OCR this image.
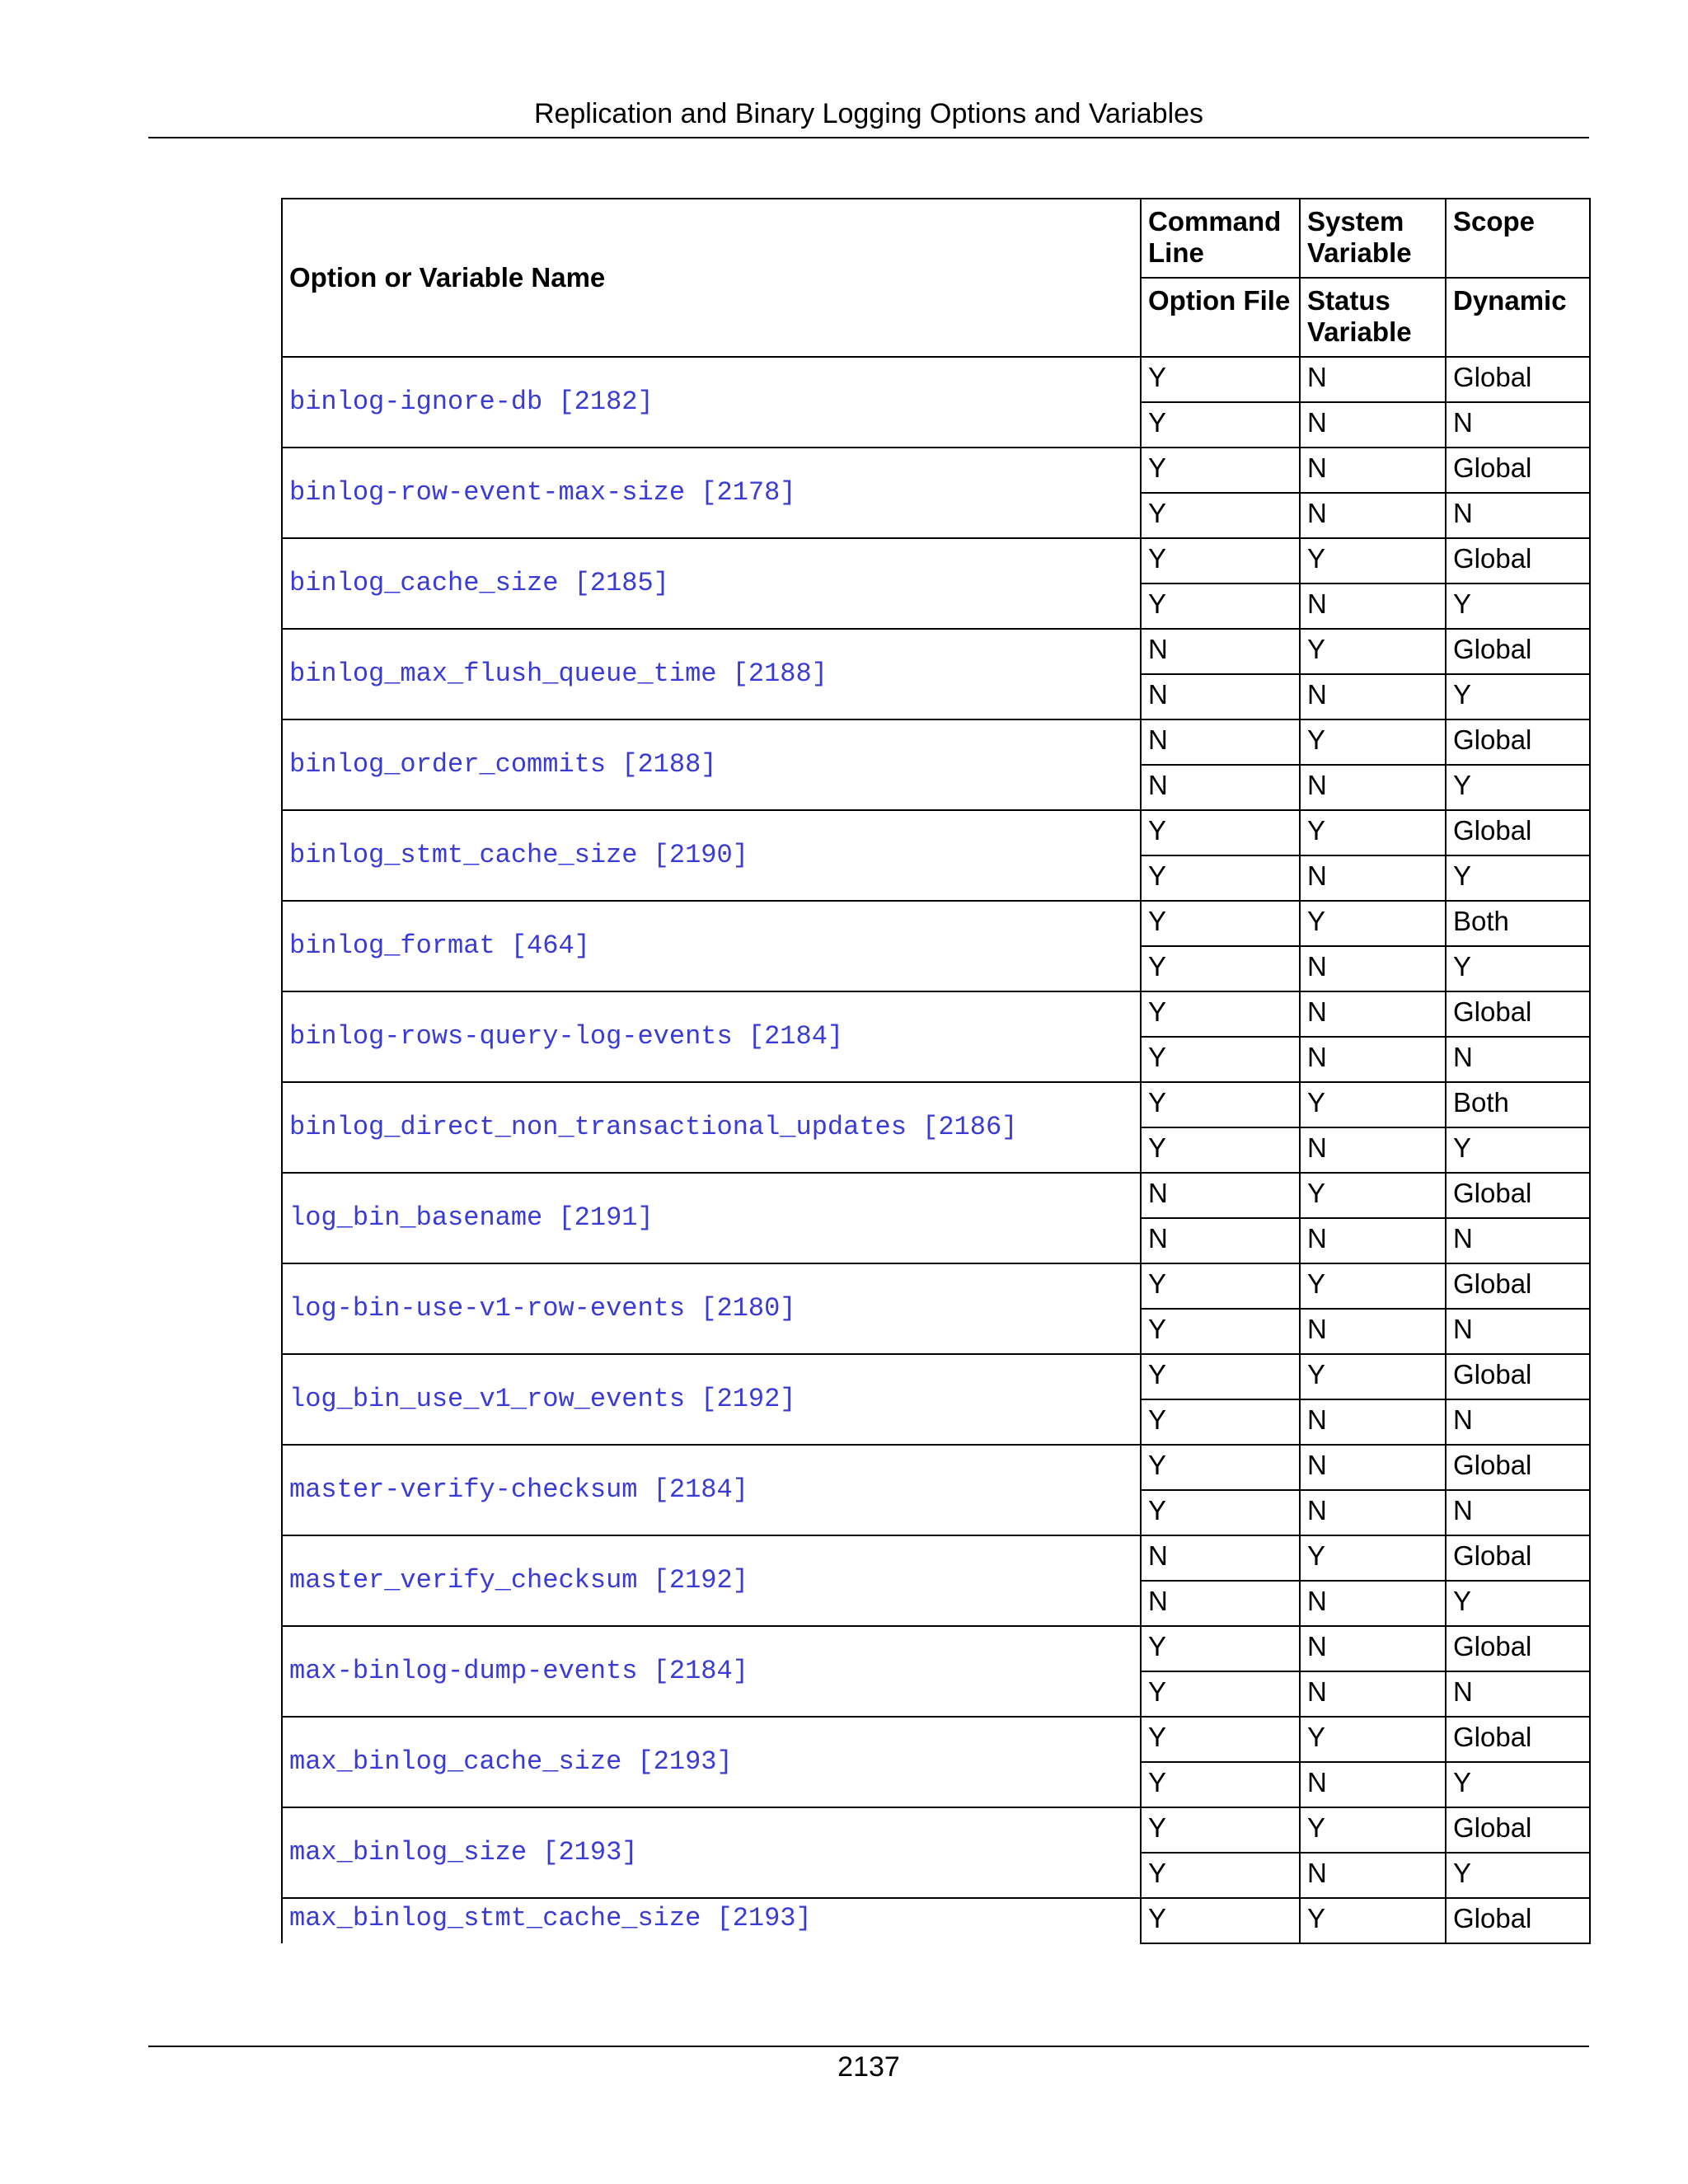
Replication and Binary Logging Options and Variables
Option or Variable Name	Command Line	System Variable	Scope
	Option File	Status Variable	Dynamic
binlog-ignore-db [2182]	Y	N	Global
	Y	N	N
binlog-row-event-max-size [2178]	Y	N	Global
	Y	N	N
binlog_cache_size [2185]	Y	Y	Global
	Y	N	Y
binlog_max_flush_queue_time [2188]	N	Y	Global
	N	N	Y
binlog_order_commits [2188]	N	Y	Global
	N	N	Y
binlog_stmt_cache_size [2190]	Y	Y	Global
	Y	N	Y
binlog_format [464]	Y	Y	Both
	Y	N	Y
binlog-rows-query-log-events [2184]	Y	N	Global
	Y	N	N
binlog_direct_non_transactional_updates [2186]	Y	Y	Both
	Y	N	Y
log_bin_basename [2191]	N	Y	Global
	N	N	N
log-bin-use-v1-row-events [2180]	Y	Y	Global
	Y	N	N
log_bin_use_v1_row_events [2192]	Y	Y	Global
	Y	N	N
master-verify-checksum [2184]	Y	N	Global
	Y	N	N
master_verify_checksum [2192]	N	Y	Global
	N	N	Y
max-binlog-dump-events [2184]	Y	N	Global
	Y	N	N
max_binlog_cache_size [2193]	Y	Y	Global
	Y	N	Y
max_binlog_size [2193]	Y	Y	Global
	Y	N	Y
max_binlog_stmt_cache_size [2193]	Y	Y	Global
2137
